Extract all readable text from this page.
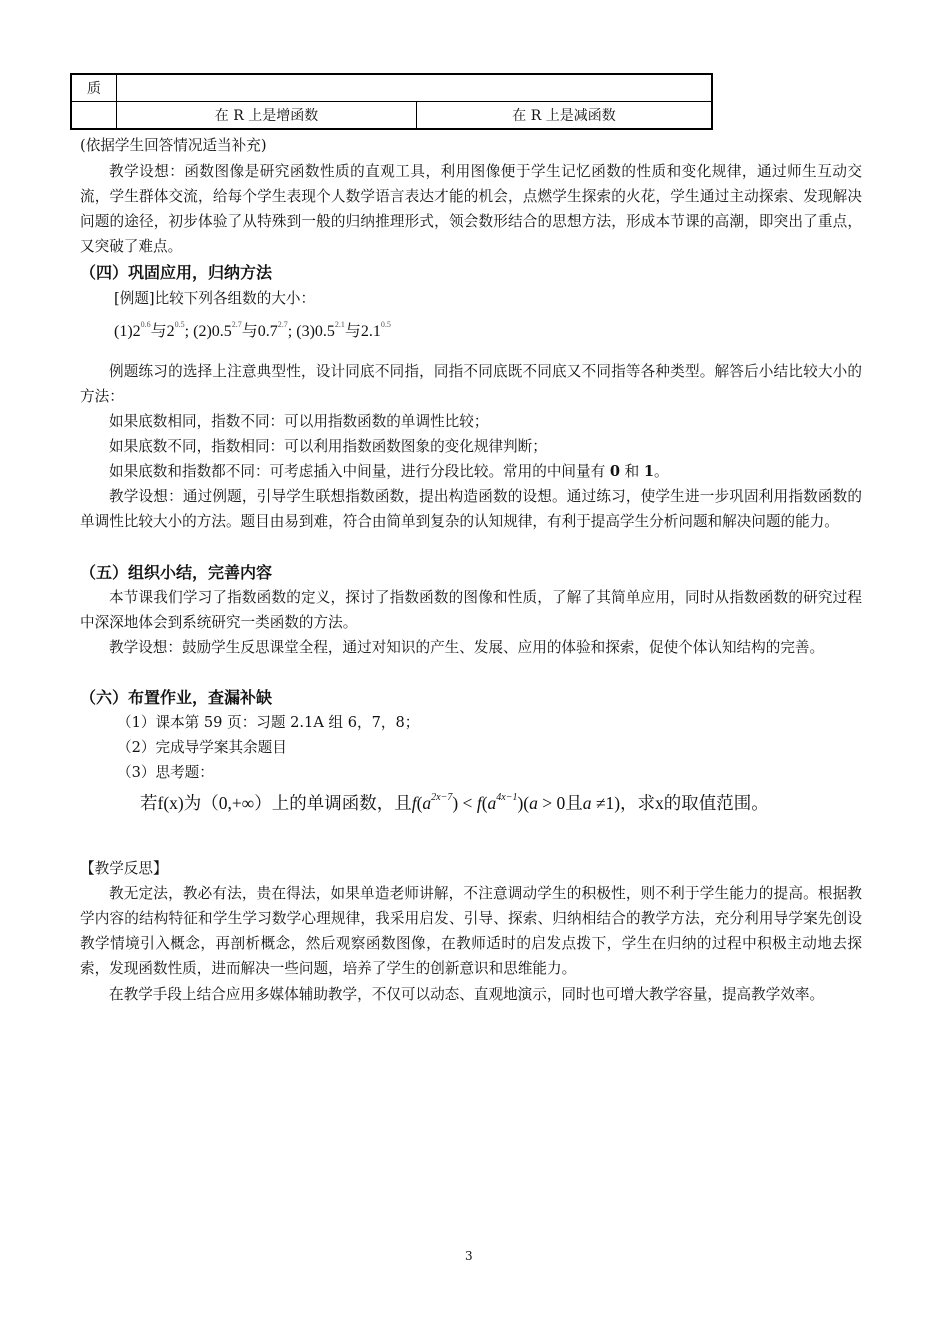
质		
	在 R 上是增函数	在 R 上是减函数
(依据学生回答情况适当补充)

教学设想：函数图像是研究函数性质的直观工具，利用图像便于学生记忆函数的性质和变化规律，通过师生互动交流，学生群体交流，给每个学生表现个人数学语言表达才能的机会，点燃学生探索的火花，学生通过主动探索、发现解决问题的途径，初步体验了从特殊到一般的归纳推理形式，领会数形结合的思想方法，形成本节课的高潮，即突出了重点，又突破了难点。

（四）巩固应用，归纳方法
[例题]比较下列各组数的大小：
$(1)2^{0.6}$与$2^{0.5}$; $(2)0.5^{2.7}$与$0.7^{2.7}$; $(3)0.5^{2.1}$与$2.1^{0.5}$

例题练习的选择上注意典型性，设计同底不同指，同指不同底既不同底又不同指等各种类型。解答后小结比较大小的方法：

如果底数相同，指数不同：可以用指数函数的单调性比较；
如果底数不同，指数相同：可以利用指数函数图象的变化规律判断；
如果底数和指数都不同：可考虑插入中间量，进行分段比较。常用的中间量有 0 和 1。

教学设想：通过例题，引导学生联想指数函数，提出构造函数的设想。通过练习，使学生进一步巩固利用指数函数的单调性比较大小的方法。题目由易到难，符合由简单到复杂的认知规律，有利于提高学生分析问题和解决问题的能力。

（五）组织小结，完善内容

本节课我们学习了指数函数的定义，探讨了指数函数的图像和性质，了解了其简单应用，同时从指数函数的研究过程中深深地体会到系统研究一类函数的方法。

教学设想：鼓励学生反思课堂全程，通过对知识的产生、发展、应用的体验和探索，促使个体认知结构的完善。

（六）布置作业，查漏补缺
（1）课本第 59 页：习题 2.1A 组 6，7，8；
（2）完成导学案其余题目
（3）思考题：
若f(x)为（0,+∞）上的单调函数，且$f(a^{2x-7}) < f(a^{4x-1})(a > 0$且a ≠1)，求x的取值范围。
【教学反思】

教无定法，教必有法，贵在得法，如果单造老师讲解，不注意调动学生的积极性，则不利于学生能力的提高。根据教学内容的结构特征和学生学习数学心理规律，我采用启发、引导、探索、归纳相结合的教学方法，充分利用导学案先创设教学情境引入概念，再剖析概念，然后观察函数图像，在教师适时的启发点拨下，学生在归纳的过程中积极主动地去探索，发现函数性质，进而解决一些问题，培养了学生的创新意识和思维能力。

在教学手段上结合应用多媒体辅助教学，不仅可以动态、直观地演示，同时也可增大教学容量，提高教学效率。

3
